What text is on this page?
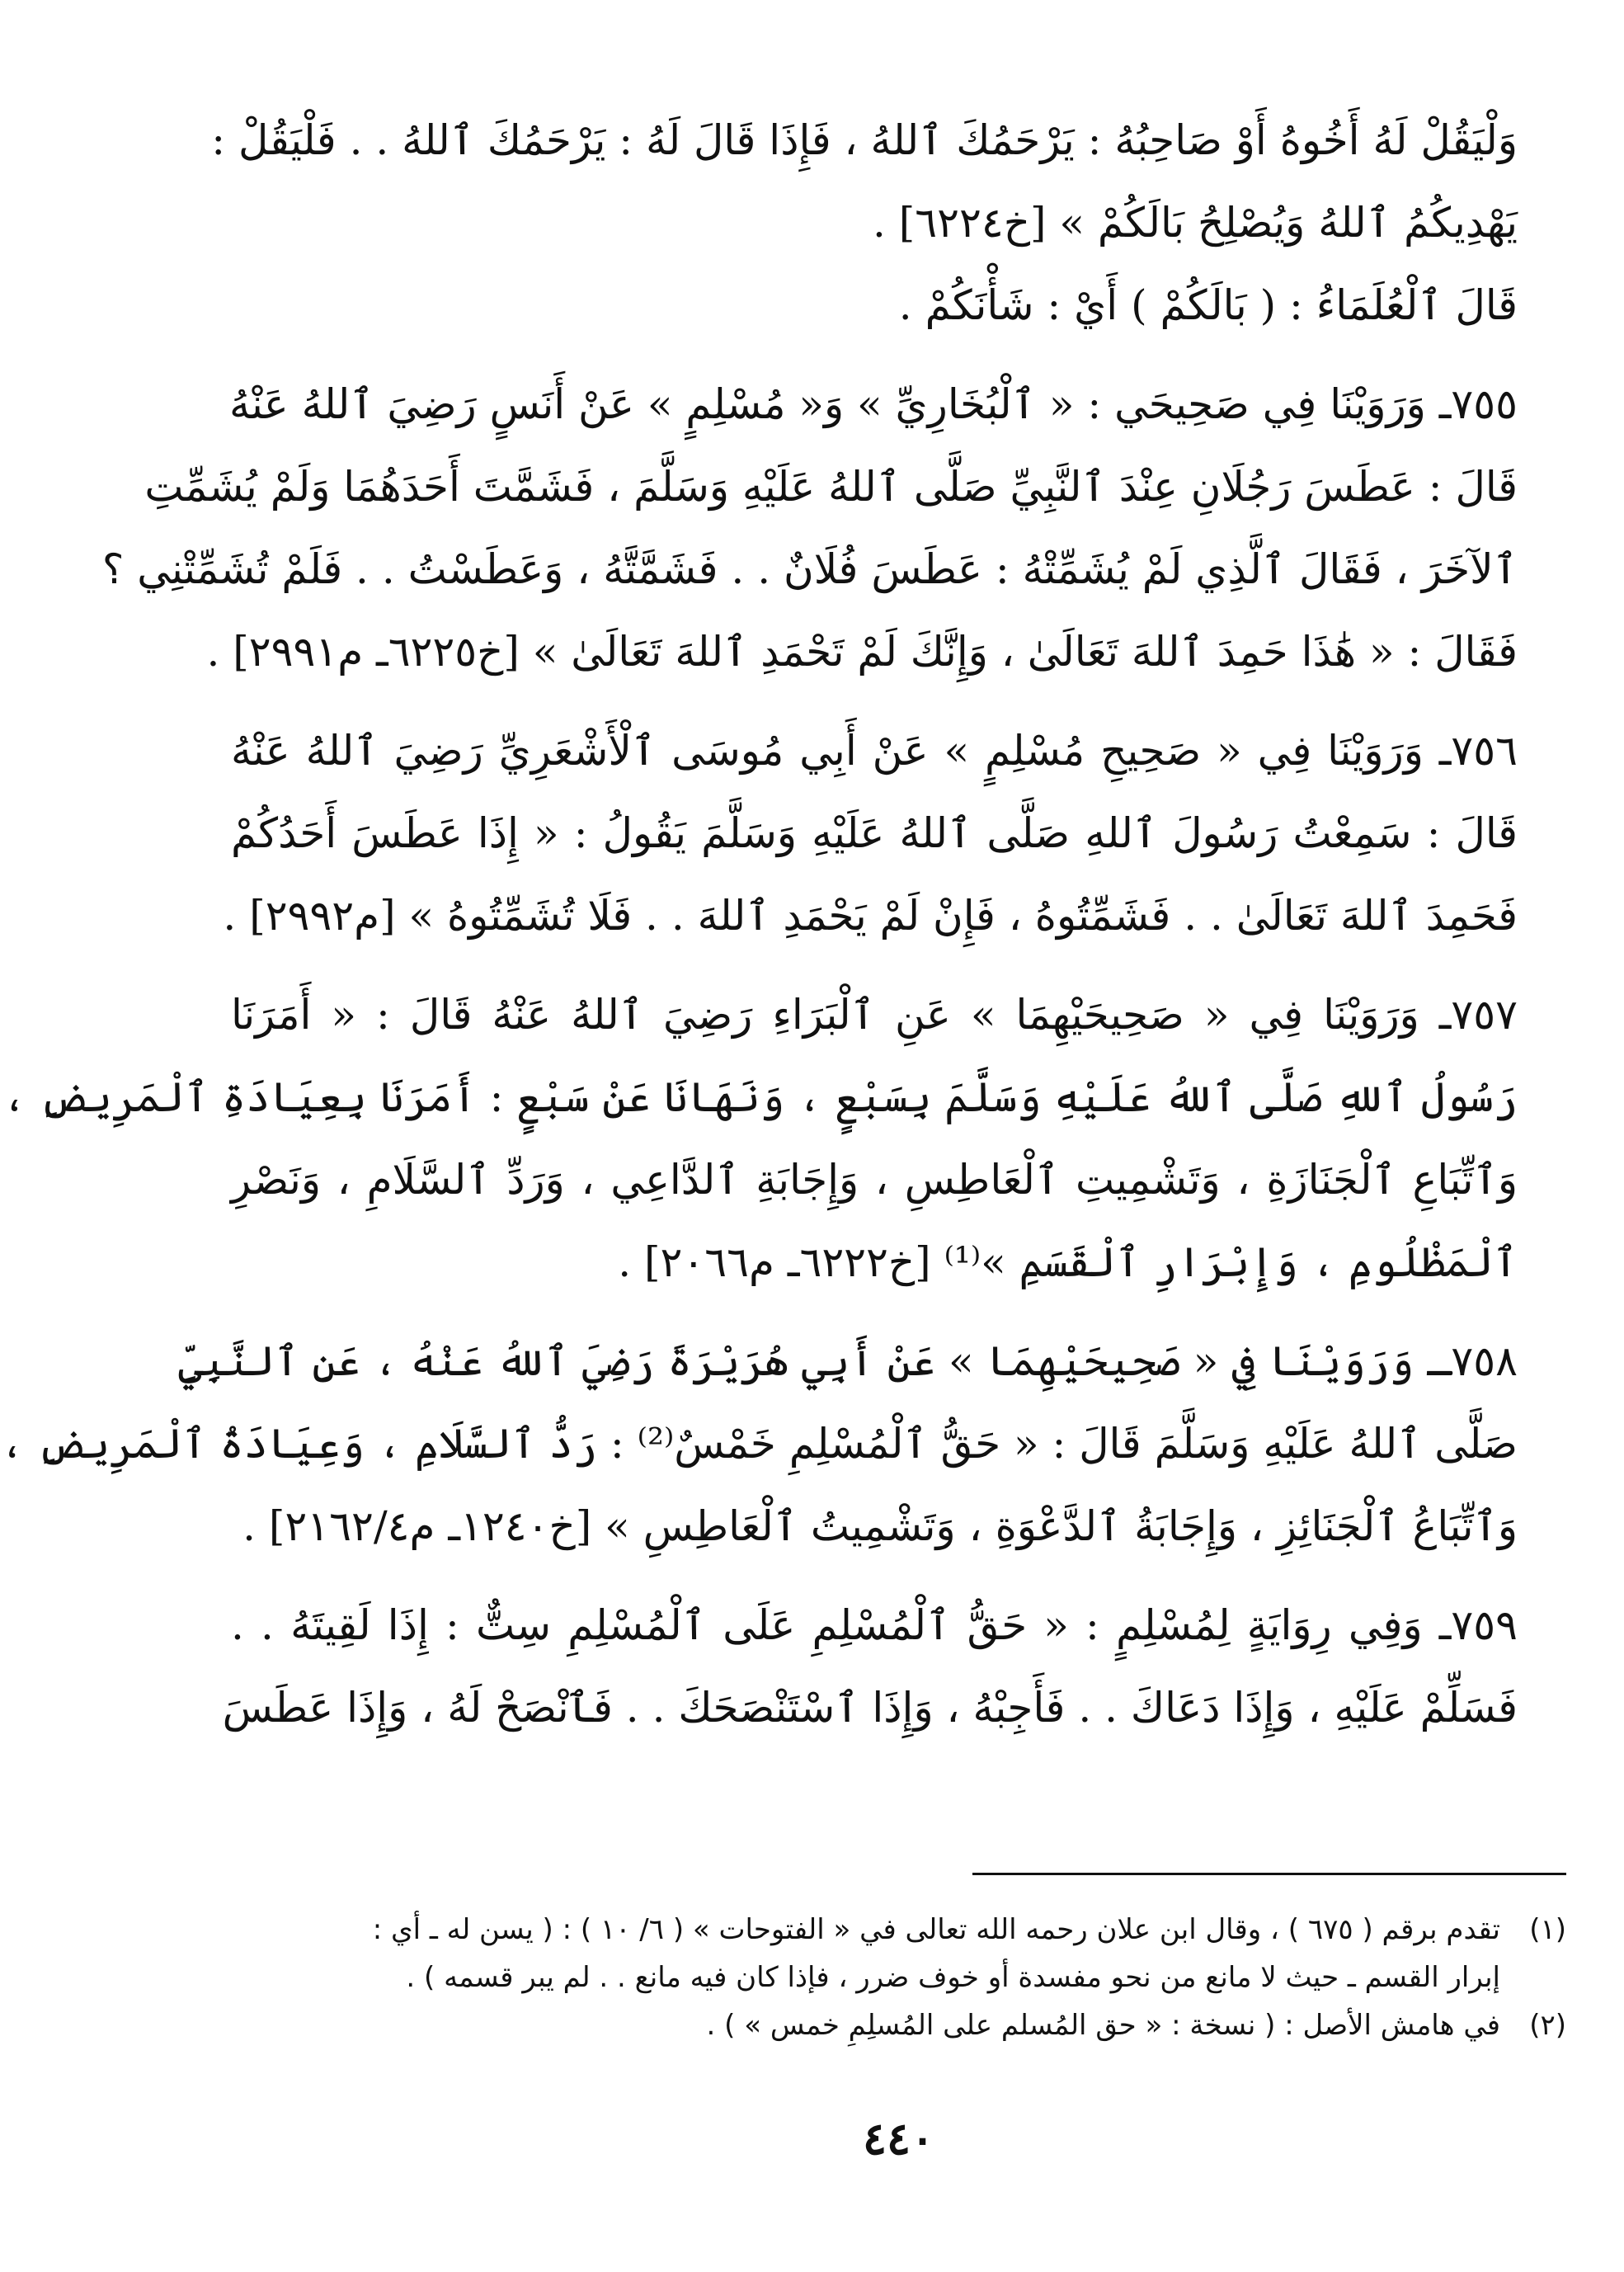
وَلْيَقُلْ لَهُ أَخُوهُ أَوْ صَاحِبُهُ : يَرْحَمُكَ ٱللهُ ، فَإِذَا قَالَ لَهُ : يَرْحَمُكَ ٱللهُ . . فَلْيَقُلْ :
يَهْدِيكُمُ ٱللهُ وَيُصْلِحُ بَالَكُمْ » [خ٦٢٢٤] .
قَالَ ٱلْعُلَمَاءُ : ( بَالَكُمْ ) أَيْ : شَأْنَكُمْ .
٧٥٥ـ وَرَوَيْنَا فِي صَحِيحَي : « ٱلْبُخَارِيِّ » وَ« مُسْلِمٍ » عَنْ أَنَسٍ رَضِيَ ٱللهُ عَنْهُ
قَالَ : عَطَسَ رَجُلَانِ عِنْدَ ٱلنَّبِيِّ صَلَّى ٱللهُ عَلَيْهِ وَسَلَّمَ ، فَشَمَّتَ أَحَدَهُمَا وَلَمْ يُشَمِّتِ
ٱلآخَرَ ، فَقَالَ ٱلَّذِي لَمْ يُشَمِّتْهُ : عَطَسَ فُلَانٌ . . فَشَمَّتَّهُ ، وَعَطَسْتُ . . فَلَمْ تُشَمِّتْنِي ؟
فَقَالَ : « هَٰذَا حَمِدَ ٱللهَ تَعَالَىٰ ، وَإِنَّكَ لَمْ تَحْمَدِ ٱللهَ تَعَالَىٰ » [خ٦٢٢٥ـ م٢٩٩١] .
٧٥٦ـ وَرَوَيْنَا فِي « صَحِيحِ مُسْلِمٍ » عَنْ أَبِي مُوسَى ٱلْأَشْعَرِيِّ رَضِيَ ٱللهُ عَنْهُ
قَالَ : سَمِعْتُ رَسُولَ ٱللهِ صَلَّى ٱللهُ عَلَيْهِ وَسَلَّمَ يَقُولُ : « إِذَا عَطَسَ أَحَدُكُمْ
فَحَمِدَ ٱللهَ تَعَالَىٰ . . فَشَمِّتُوهُ ، فَإِنْ لَمْ يَحْمَدِ ٱللهَ . . فَلَا تُشَمِّتُوهُ » [م٢٩٩٢] .
٧٥٧ـ وَرَوَيْنَا فِي « صَحِيحَيْهِمَا » عَنِ ٱلْبَرَاءِ رَضِيَ ٱللهُ عَنْهُ قَالَ : « أَمَرَنَا
رَسُولُ ٱللهِ صَلَّى ٱللهُ عَلَيْهِ وَسَلَّمَ بِسَبْعٍ ، وَنَهَانَا عَنْ سَبْعٍ : أَمَرَنَا بِعِيَادَةِ ٱلْمَرِيضِ ،
وَٱتِّبَاعِ ٱلْجَنَازَةِ ، وَتَشْمِيتِ ٱلْعَاطِسِ ، وَإِجَابَةِ ٱلدَّاعِي ، وَرَدِّ ٱلسَّلَامِ ، وَنَصْرِ
ٱلْمَظْلُومِ ، وَإِبْرَارِ ٱلْقَسَمِ »⁽¹⁾ [خ٦٢٢٢ـ م٢٠٦٦] .
٧٥٨ـ وَرَوَيْنَا فِي « صَحِيحَيْهِمَا » عَنْ أَبِي هُرَيْرَةَ رَضِيَ ٱللهُ عَنْهُ ، عَنِ ٱلنَّبِيِّ
صَلَّى ٱللهُ عَلَيْهِ وَسَلَّمَ قَالَ : « حَقُّ ٱلْمُسْلِمِ خَمْسٌ⁽²⁾ : رَدُّ ٱلسَّلَامِ ، وَعِيَادَةُ ٱلْمَرِيضِ ،
وَٱتِّبَاعُ ٱلْجَنَائِزِ ، وَإِجَابَةُ ٱلدَّعْوَةِ ، وَتَشْمِيتُ ٱلْعَاطِسِ » [خ١٢٤٠ـ م٢١٦٢/٤] .
٧٥٩ـ وَفِي رِوَايَةٍ لِمُسْلِمٍ : « حَقُّ ٱلْمُسْلِمِ عَلَى ٱلْمُسْلِمِ سِتٌّ : إِذَا لَقِيتَهُ . .
فَسَلِّمْ عَلَيْهِ ، وَإِذَا دَعَاكَ . . فَأَجِبْهُ ، وَإِذَا ٱسْتَنْصَحَكَ . . فَٱنْصَحْ لَهُ ، وَإِذَا عَطَسَ
(١)
تقدم برقم ( ٦٧٥ ) ، وقال ابن علان رحمه الله تعالى في « الفتوحات » ( ٦/ ١٠ ) : ( يسن له ـ أي :
إبرار القسم ـ حيث لا مانع من نحو مفسدة أو خوف ضرر ، فإذا كان فيه مانع . . لم يبر قسمه ) .
(٢)
في هامش الأصل : ( نسخة : « حق المُسلم على المُسلِمِ خمس » ) .
٤٤٠
